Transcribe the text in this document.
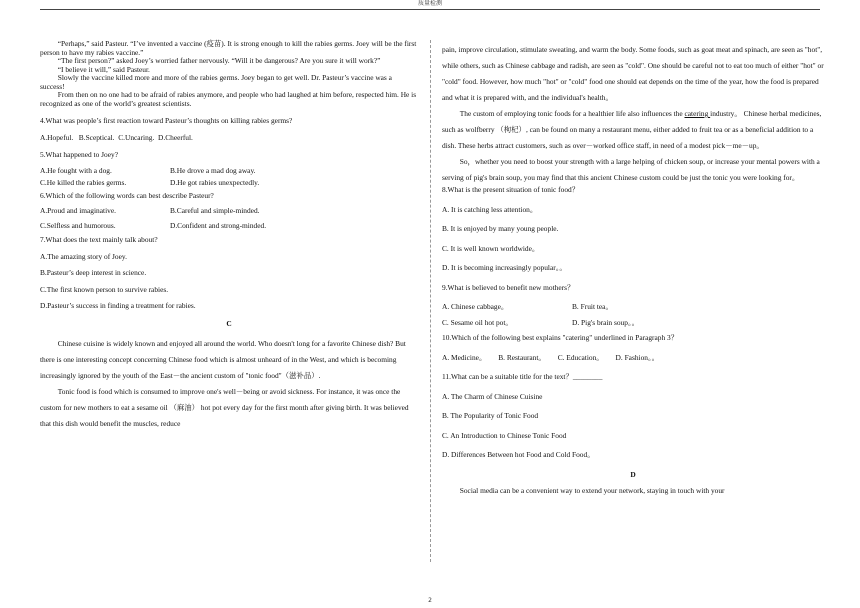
质量检测

“Perhaps,” said Pasteur. “I’ve invented a vaccine (疫苗). It is strong enough to kill the rabies germs. Joey will be the first person to have my rabies vaccine.”

“The first person?” asked Joey’s worried father nervously. “Will it be dangerous? Are you sure it will work?”

“I believe it will,” said Pasteur.

Slowly the vaccine killed more and more of the rabies germs. Joey began to get well. Dr. Pasteur’s vaccine was a success!

From then on no one had to be afraid of rabies anymore, and people who had laughed at him before, respected him. He is recognized as one of the world’s greatest scientists.

4.What was people’s first reaction toward Pasteur’s thoughts on killing rabies germs?

A.Hopeful.   B.Sceptical.  C.Uncaring.  D.Cheerful.

5.What happened to Joey?

A.He fought with a dog.	B.He drove a mad dog away.
C.He killed the rabies germs.	D.He got rabies unexpectedly.

6.Which of the following words can best describe Pasteur?

A.Proud and imaginative.	B.Careful and simple-minded.
C.Selfless and humorous.	D.Confident and strong-minded.

7.What does the text mainly talk about?

A.The amazing story of Joey.

B.Pasteur’s deep interest in science.

C.The first known person to survive rabies.

D.Pasteur’s success in finding a treatment for rabies.

C

Chinese cuisine is widely known and enjoyed all around the world. Who doesn't long for a favorite Chinese dish? But there is one interesting concept concerning Chinese food which is almost unheard of in the West, and which is becoming increasingly ignored by the youth of the East－the ancient custom of "tonic food"（滋补品）.

Tonic food is food which is consumed to improve one's well－being or avoid sickness. For instance, it was once the custom for new mothers to eat a sesame oil （麻油） hot pot every day for the first month after giving birth. It was believed that this dish would benefit the muscles, reduce

pain, improve circulation, stimulate sweating, and warm the body. Some foods, such as goat meat and spinach, are seen as "hot", while others, such as Chinese cabbage and radish, are seen as "cold". One should be careful not to eat too much of either "hot" or "cold" food. However, how much "hot" or "cold" food one should eat depends on the time of the year, how the food is prepared and what it is prepared with, and the individual's health。

The custom of employing tonic foods for a healthier life also influences the catering industry。 Chinese herbal medicines, such as wolfberry （枸杞）, can be found on many a restaurant menu, either added to fruit tea or as a beneficial addition to a dish. These herbs attract customers, such as over－worked office staff, in need of a modest pick－me－up。

So，whether you need to boost your strength with a large helping of chicken soup, or increase your mental powers with a serving of pig's brain soup, you may find that this ancient Chinese custom could be just the tonic you were looking for。

8.What is the present situation of tonic food？

A. It is catching less attention。

B. It is enjoyed by many young people.

C. It is well known worldwide。

D. It is becoming increasingly popular。。

9.What is believed to benefit new mothers？

A. Chinese cabbage。	B. Fruit tea。
C. Sesame oil hot pot。	D. Pig's brain soup。。

10.Which of the following best explains "catering" underlined in Paragraph 3？

A. Medicine。 B. Restaurant。 C. Education。 D. Fashion。。

11.What can be a suitable title for the text？________

A. The Charm of Chinese Cuisine

B. The Popularity of Tonic Food

C. An Introduction to Chinese Tonic Food

D. Differences Between hot Food and Cold Food。

D

Social media can be a convenient way to extend your network, staying in touch with your

2
